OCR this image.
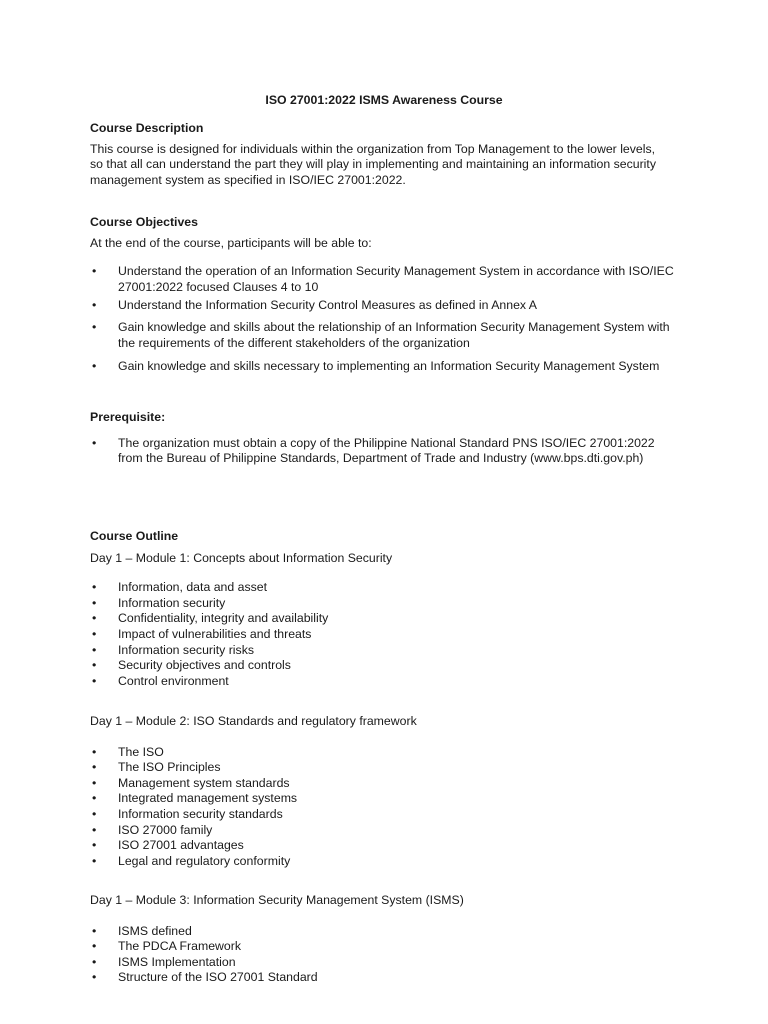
ISO 27001:2022 ISMS Awareness Course
Course Description
This course is designed for individuals within the organization from Top Management to the lower levels,
so that all can understand the part they will play in implementing and maintaining an information security
management system as specified in ISO/IEC 27001:2022.
Course Objectives
At the end of the course, participants will be able to:
• Understand the operation of an Information Security Management System in accordance with ISO/IEC
27001:2022 focused Clauses 4 to 10
• Understand the Information Security Control Measures as defined in Annex A
• Gain knowledge and skills about the relationship of an Information Security Management System with
the requirements of the different stakeholders of the organization
• Gain knowledge and skills necessary to implementing an Information Security Management System
Prerequisite:
• The organization must obtain a copy of the Philippine National Standard PNS ISO/IEC 27001:2022
from the Bureau of Philippine Standards, Department of Trade and Industry (www.bps.dti.gov.ph)
Course Outline
Day 1 – Module 1: Concepts about Information Security
• Information, data and asset
• Information security
• Confidentiality, integrity and availability
• Impact of vulnerabilities and threats
• Information security risks
• Security objectives and controls
• Control environment
Day 1 – Module 2: ISO Standards and regulatory framework
• The ISO
• The ISO Principles
• Management system standards
• Integrated management systems
• Information security standards
• ISO 27000 family
• ISO 27001 advantages
• Legal and regulatory conformity
Day 1 – Module 3: Information Security Management System (ISMS)
• ISMS defined
• The PDCA Framework
• ISMS Implementation
• Structure of the ISO 27001 Standard
